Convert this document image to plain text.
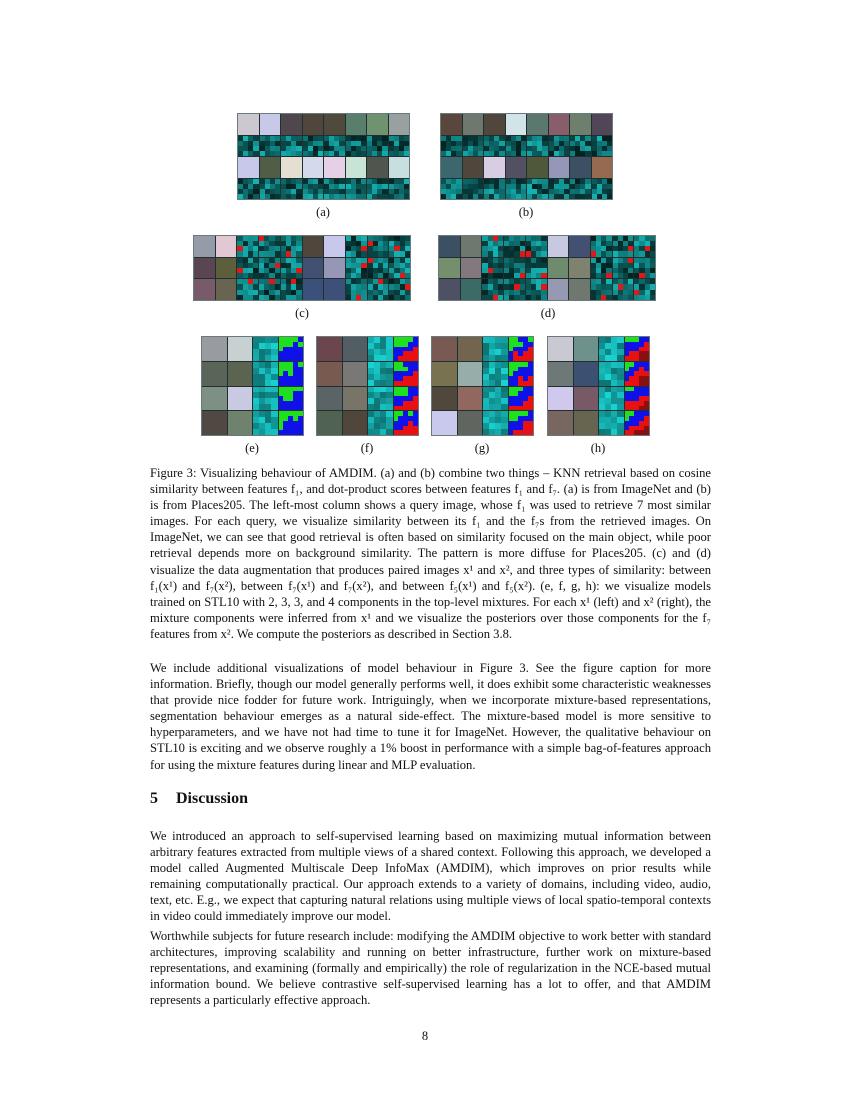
(a)	(b)
(c)	(d)
(e)	(f)	(g)	(h)

Figure 3: Visualizing behaviour of AMDIM. (a) and (b) combine two things – KNN retrieval based on cosine similarity between features f₁, and dot-product scores between features f₁ and f₇. (a) is from ImageNet and (b) is from Places205. The left-most column shows a query image, whose f₁ was used to retrieve 7 most similar images. For each query, we visualize similarity between its f₁ and the f₇s from the retrieved images. On ImageNet, we can see that good retrieval is often based on similarity focused on the main object, while poor retrieval depends more on background similarity. The pattern is more diffuse for Places205. (c) and (d) visualize the data augmentation that produces paired images x¹ and x², and three types of similarity: between f₁(x¹) and f₇(x²), between f₇(x¹) and f₇(x²), and between f₅(x¹) and f₅(x²). (e, f, g, h): we visualize models trained on STL10 with 2, 3, 3, and 4 components in the top-level mixtures. For each x¹ (left) and x² (right), the mixture components were inferred from x¹ and we visualize the posteriors over those components for the f₇ features from x². We compute the posteriors as described in Section 3.8.

We include additional visualizations of model behaviour in Figure 3. See the figure caption for more information. Briefly, though our model generally performs well, it does exhibit some characteristic weaknesses that provide nice fodder for future work. Intriguingly, when we incorporate mixture-based representations, segmentation behaviour emerges as a natural side-effect. The mixture-based model is more sensitive to hyperparameters, and we have not had time to tune it for ImageNet. However, the qualitative behaviour on STL10 is exciting and we observe roughly a 1% boost in performance with a simple bag-of-features approach for using the mixture features during linear and MLP evaluation.

5 Discussion

We introduced an approach to self-supervised learning based on maximizing mutual information between arbitrary features extracted from multiple views of a shared context. Following this approach, we developed a model called Augmented Multiscale Deep InfoMax (AMDIM), which improves on prior results while remaining computationally practical. Our approach extends to a variety of domains, including video, audio, text, etc. E.g., we expect that capturing natural relations using multiple views of local spatio-temporal contexts in video could immediately improve our model.

Worthwhile subjects for future research include: modifying the AMDIM objective to work better with standard architectures, improving scalability and running on better infrastructure, further work on mixture-based representations, and examining (formally and empirically) the role of regularization in the NCE-based mutual information bound. We believe contrastive self-supervised learning has a lot to offer, and that AMDIM represents a particularly effective approach.

8
